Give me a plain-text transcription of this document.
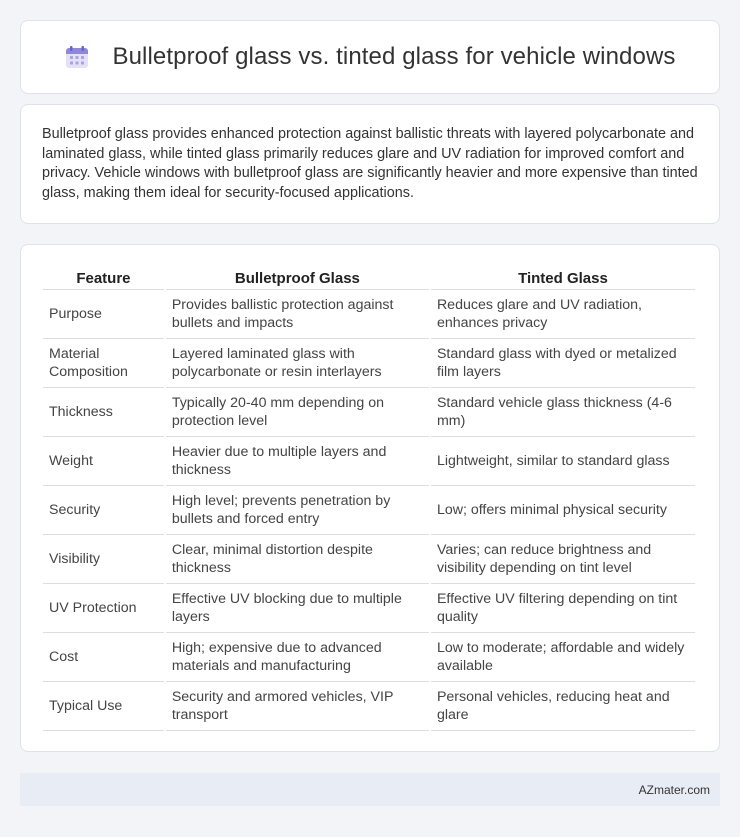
Bulletproof glass vs. tinted glass for vehicle windows

Bulletproof glass provides enhanced protection against ballistic threats with layered polycarbonate and laminated glass, while tinted glass primarily reduces glare and UV radiation for improved comfort and privacy. Vehicle windows with bulletproof glass are significantly heavier and more expensive than tinted glass, making them ideal for security-focused applications.

Feature	Bulletproof Glass	Tinted Glass
Purpose	Provides ballistic protection against bullets and impacts	Reduces glare and UV radiation, enhances privacy
Material Composition	Layered laminated glass with polycarbonate or resin interlayers	Standard glass with dyed or metalized film layers
Thickness	Typically 20-40 mm depending on protection level	Standard vehicle glass thickness (4-6 mm)
Weight	Heavier due to multiple layers and thickness	Lightweight, similar to standard glass
Security	High level; prevents penetration by bullets and forced entry	Low; offers minimal physical security
Visibility	Clear, minimal distortion despite thickness	Varies; can reduce brightness and visibility depending on tint level
UV Protection	Effective UV blocking due to multiple layers	Effective UV filtering depending on tint quality
Cost	High; expensive due to advanced materials and manufacturing	Low to moderate; affordable and widely available
Typical Use	Security and armored vehicles, VIP transport	Personal vehicles, reducing heat and glare
AZmater.com
